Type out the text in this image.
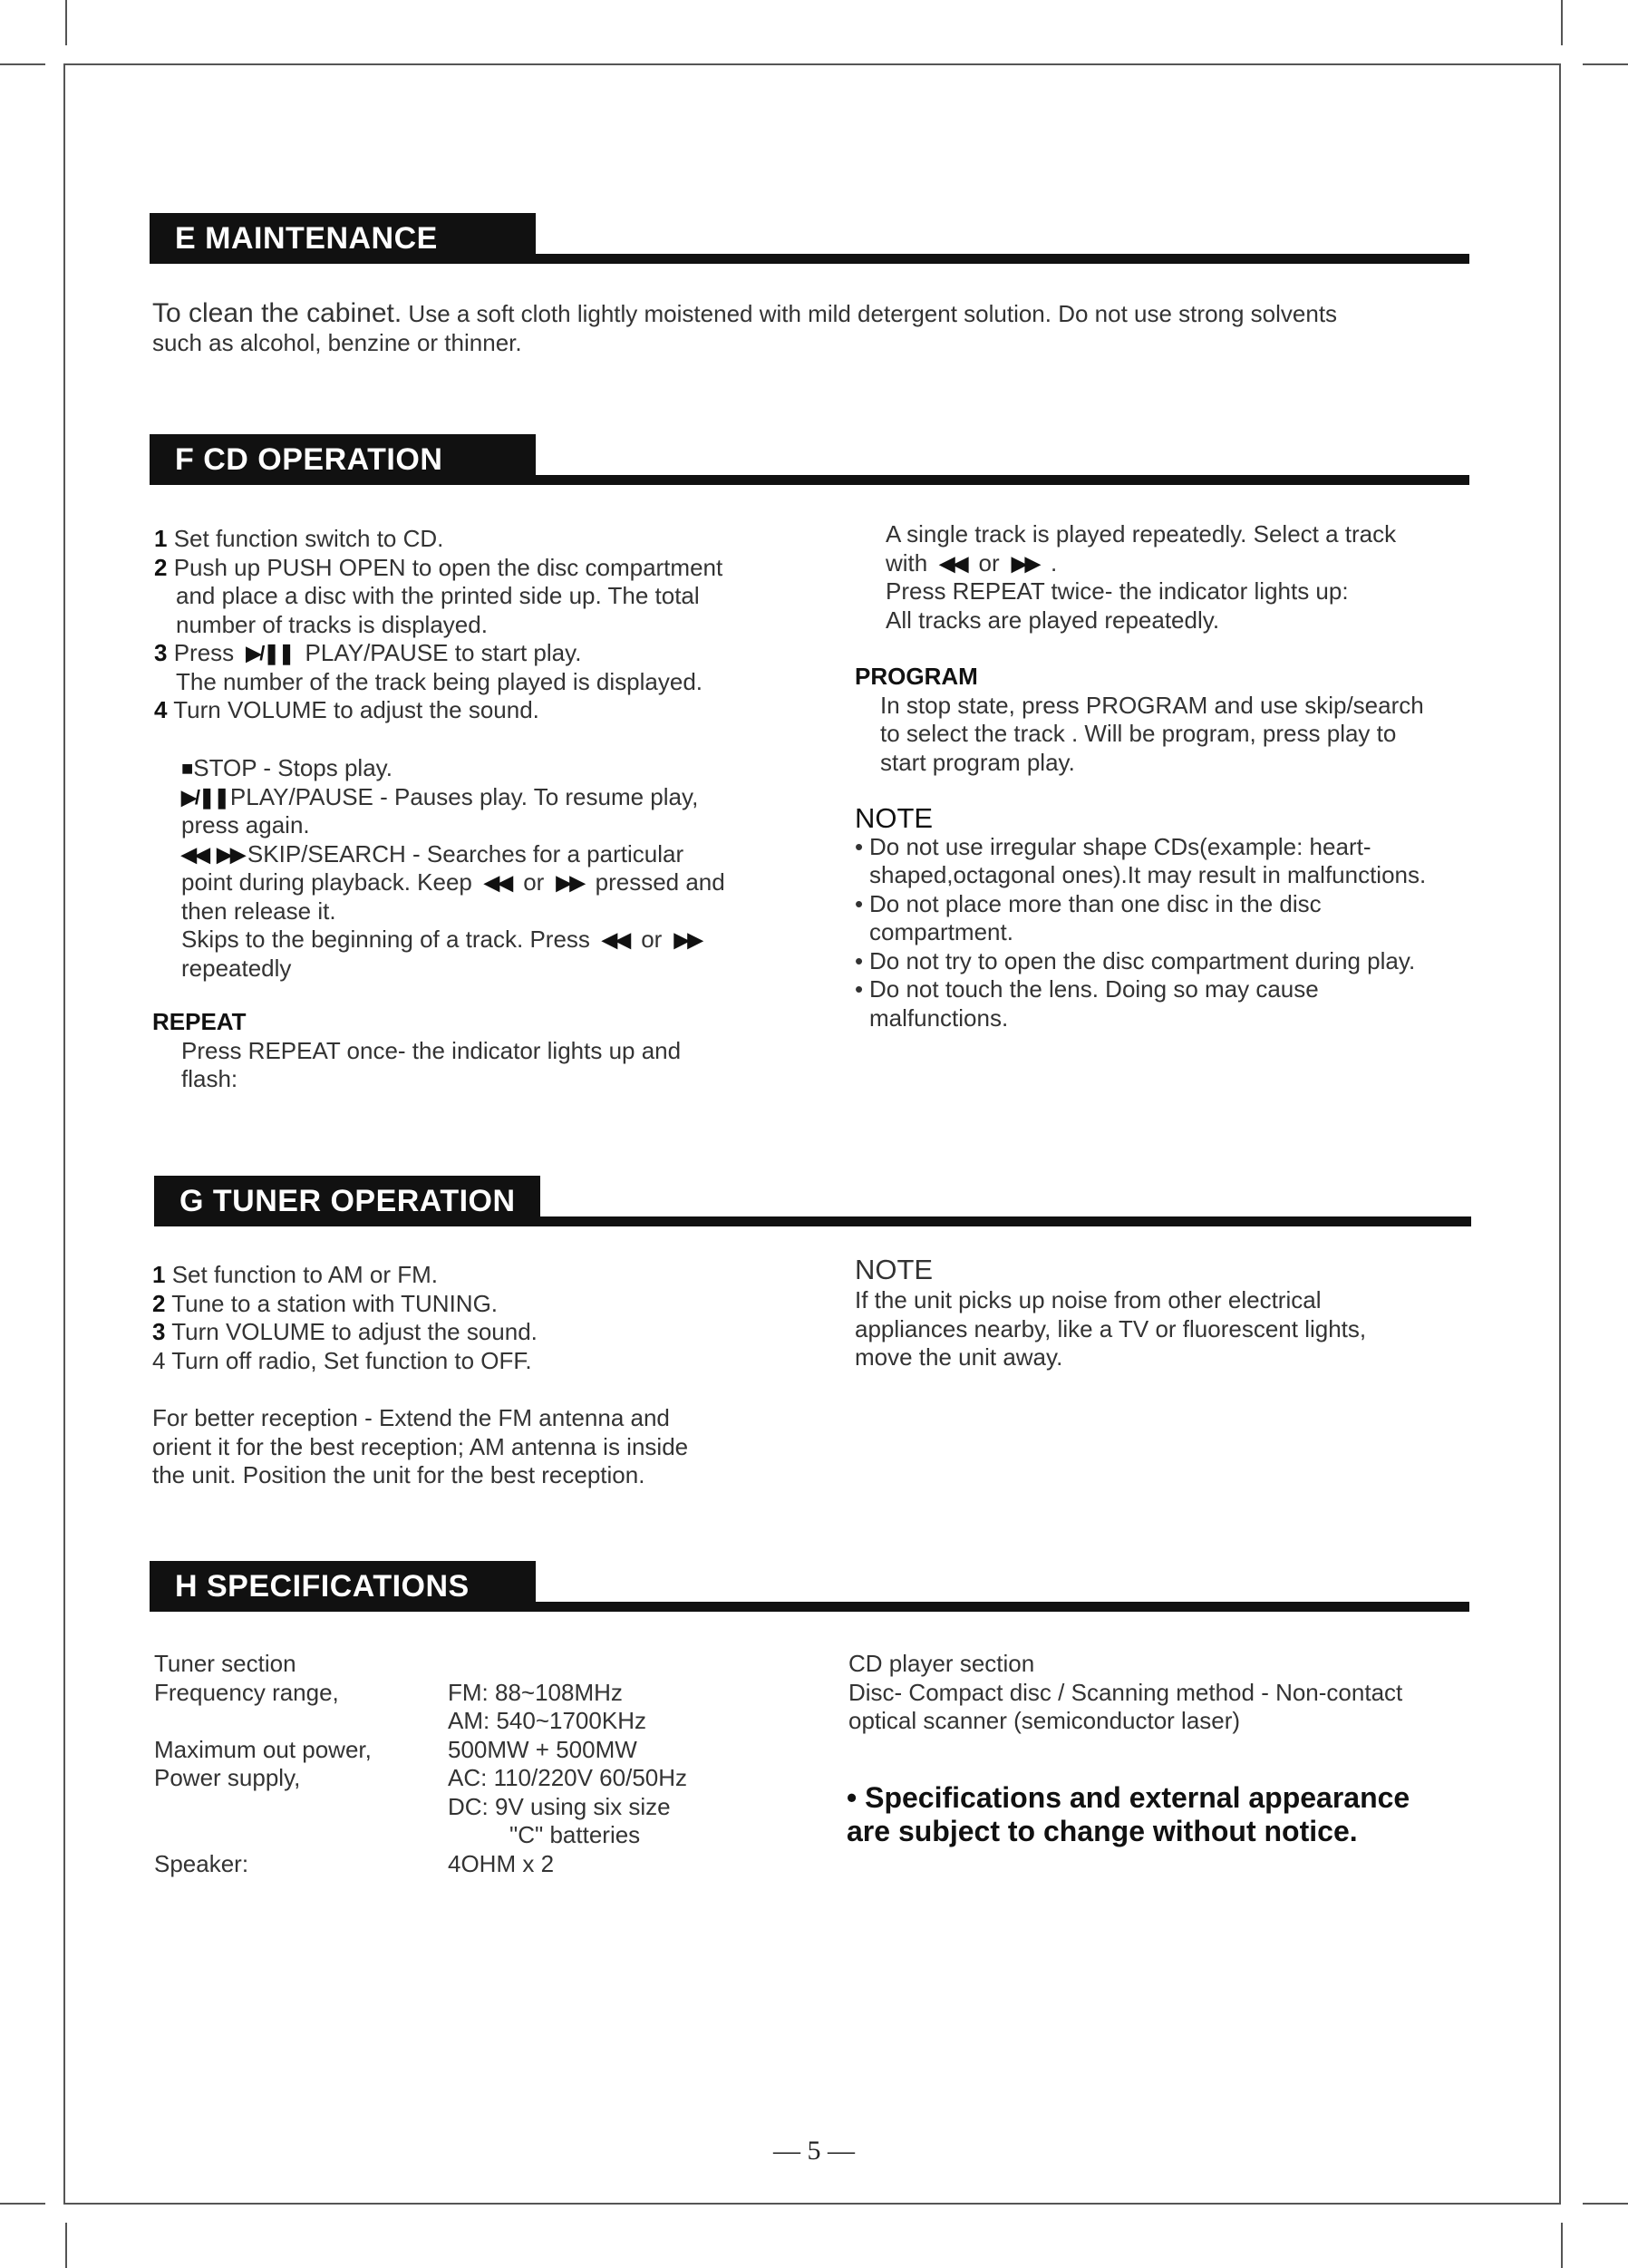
E MAINTENANCE
To clean the cabinet. Use a soft cloth lightly moistened with mild detergent solution. Do not use strong solvents
such as alcohol, benzine or thinner.
F CD OPERATION
1 Set function switch to CD.
2 Push up PUSH OPEN to open the disc compartment
and place a disc with the printed side up. The total
number of tracks is displayed.
3 Press ▶/❚❚ PLAY/PAUSE to start play.
The number of the track being played is displayed.
4 Turn VOLUME to adjust the sound.
■STOP - Stops play.
▶/❚❚PLAY/PAUSE - Pauses play. To resume play,
press again.
◀◀ ▶▶ SKIP/SEARCH - Searches for a particular
point during playback. Keep ◀◀ or ▶▶ pressed and
then release it.
Skips to the beginning of a track. Press ◀◀ or ▶▶
repeatedly
REPEAT
Press REPEAT once- the indicator lights up and
flash:
A single track is played repeatedly. Select a track
with ◀◀ or ▶▶ .
Press REPEAT twice- the indicator lights up:
All tracks are played repeatedly.
PROGRAM
In stop state, press PROGRAM and use skip/search
to select the track . Will be program, press play to
start program play.
NOTE
• Do not use irregular shape CDs(example: heart-
shaped,octagonal ones).It may result in malfunctions.
• Do not place more than one disc in the disc
compartment.
• Do not try to open the disc compartment during play.
• Do not touch the lens. Doing so may cause
malfunctions.
G TUNER OPERATION
1 Set function to AM or FM.
2 Tune to a station with TUNING.
3 Turn VOLUME to adjust the sound.
4 Turn off radio, Set function to OFF.
For better reception - Extend the FM antenna and
orient it for the best reception; AM antenna is inside
the unit. Position the unit for the best reception.
NOTE
If the unit picks up noise from other electrical
appliances nearby, like a TV or fluorescent lights,
move the unit away.
H SPECIFICATIONS
Tuner section
Frequency range,

Maximum out power,
Power supply,

Speaker:

FM: 88~108MHz
AM: 540~1700KHz
500MW + 500MW
AC: 110/220V 60/50Hz
DC: 9V using six size
"C" batteries
4OHM x 2
CD player section
Disc- Compact disc / Scanning method - Non-contact
optical scanner (semiconductor laser)
• Specifications and external appearance
are subject to change without notice.
— 5 —
